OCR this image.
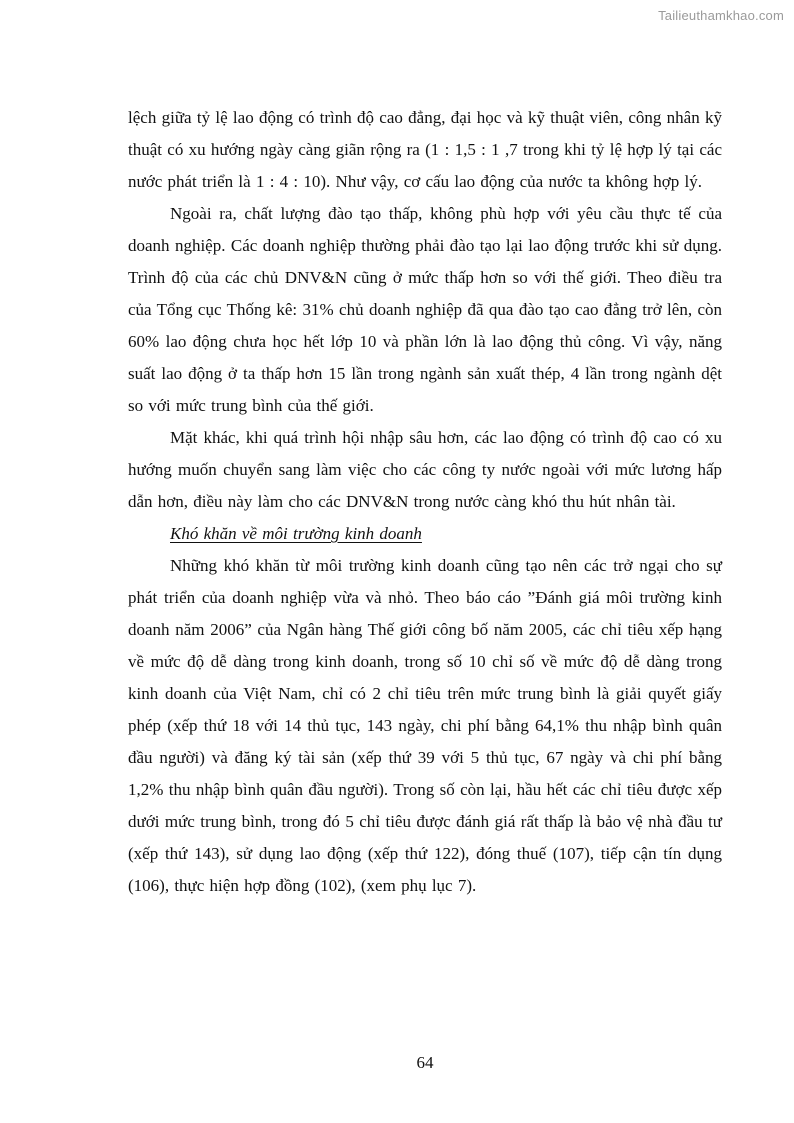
Tailieuthamkhao.com

lệch giữa tỷ lệ lao động có trình độ cao đẳng, đại học và kỹ thuật viên, công nhân kỹ thuật có xu hướng ngày càng giãn rộng ra (1 : 1,5 : 1 ,7 trong khi tỷ lệ hợp lý tại các nước phát triển là 1 : 4 : 10). Như vậy, cơ cấu lao động của nước ta không hợp lý.

Ngoài ra, chất lượng đào tạo thấp, không phù hợp với yêu cầu thực tế của doanh nghiệp. Các doanh nghiệp thường phải đào tạo lại lao động trước khi sử dụng. Trình độ của các chủ DNV&N cũng ở mức thấp hơn so với thế giới. Theo điều tra của Tổng cục Thống kê: 31% chủ doanh nghiệp đã qua đào tạo cao đẳng trở lên, còn 60% lao động chưa học hết lớp 10 và phần lớn là lao động thủ công. Vì vậy, năng suất lao động ở ta thấp hơn 15 lần trong ngành sản xuất thép, 4 lần trong ngành dệt so với mức trung bình của thế giới.

Mặt khác, khi quá trình hội nhập sâu hơn, các lao động có trình độ cao có xu hướng muốn chuyển sang làm việc cho các công ty nước ngoài với mức lương hấp dẫn hơn, điều này làm cho các DNV&N trong nước càng khó thu hút nhân tài.

Khó khăn về môi trường kinh doanh

Những khó khăn từ môi trường kinh doanh cũng tạo nên các trở ngại cho sự phát triển của doanh nghiệp vừa và nhỏ. Theo báo cáo ”Đánh giá môi trường kinh doanh năm 2006” của Ngân hàng Thế giới công bố năm 2005, các chỉ tiêu xếp hạng về mức độ dễ dàng trong kinh doanh, trong số 10 chỉ số về mức độ dễ dàng trong kinh doanh của Việt Nam, chỉ có 2 chỉ tiêu trên mức trung bình là giải quyết giấy phép (xếp thứ 18 với 14 thủ tục, 143 ngày, chi phí bằng 64,1% thu nhập bình quân đầu người) và đăng ký tài sản (xếp thứ 39 với 5 thủ tục, 67 ngày và chi phí bằng 1,2% thu nhập bình quân đầu người). Trong số còn lại, hầu hết các chỉ tiêu được xếp dưới mức trung bình, trong đó 5 chỉ tiêu được đánh giá rất thấp là bảo vệ nhà đầu tư (xếp thứ 143), sử dụng lao động (xếp thứ 122), đóng thuế (107), tiếp cận tín dụng (106), thực hiện hợp đồng (102), (xem phụ lục 7).

64
